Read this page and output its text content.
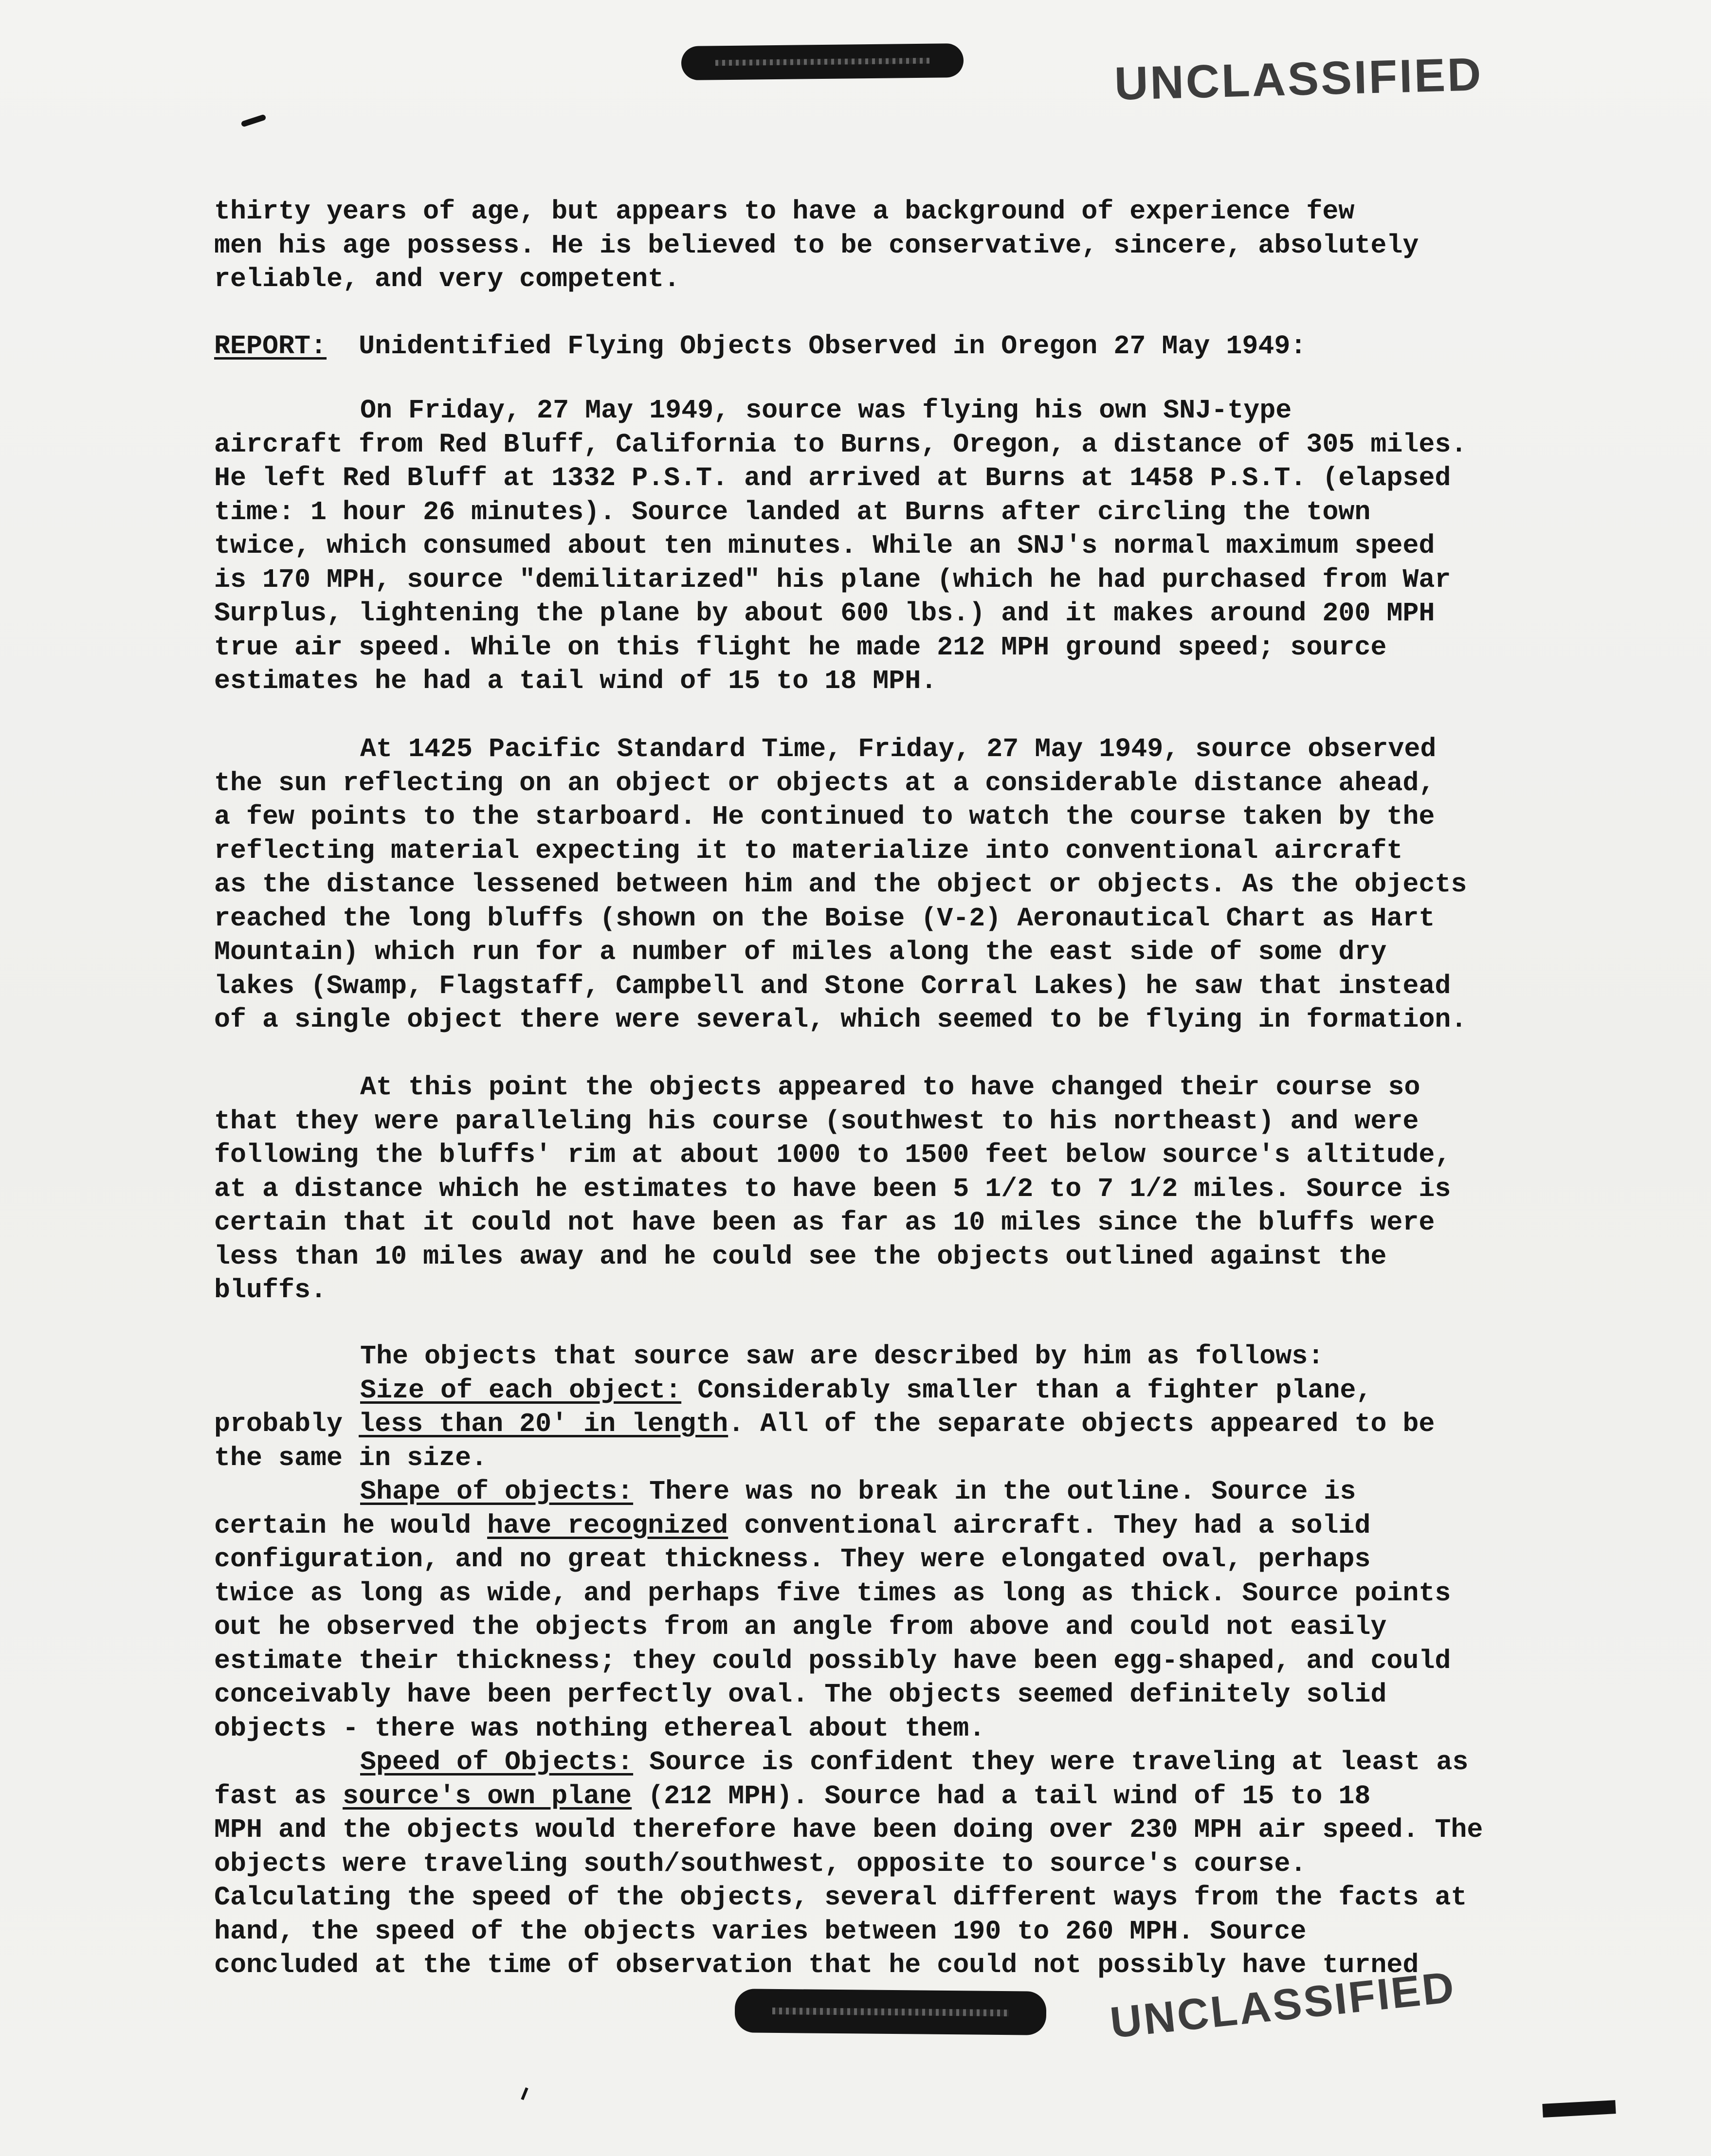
UNCLASSIFIED
thirty years of age, but appears to have a background of experience few
men his age possess. He is believed to be conservative, sincere, absolutely
reliable, and very competent.
REPORT: Unidentified Flying Objects Observed in Oregon 27 May 1949:
On Friday, 27 May 1949, source was flying his own SNJ-type
aircraft from Red Bluff, California to Burns, Oregon, a distance of 305 miles.
He left Red Bluff at 1332 P.S.T. and arrived at Burns at 1458 P.S.T. (elapsed
time: 1 hour 26 minutes). Source landed at Burns after circling the town
twice, which consumed about ten minutes. While an SNJ's normal maximum speed
is 170 MPH, source "demilitarized" his plane (which he had purchased from War
Surplus, lightening the plane by about 600 lbs.) and it makes around 200 MPH
true air speed. While on this flight he made 212 MPH ground speed; source
estimates he had a tail wind of 15 to 18 MPH.
At 1425 Pacific Standard Time, Friday, 27 May 1949, source observed
the sun reflecting on an object or objects at a considerable distance ahead,
a few points to the starboard. He continued to watch the course taken by the
reflecting material expecting it to materialize into conventional aircraft
as the distance lessened between him and the object or objects. As the objects
reached the long bluffs (shown on the Boise (V-2) Aeronautical Chart as Hart
Mountain) which run for a number of miles along the east side of some dry
lakes (Swamp, Flagstaff, Campbell and Stone Corral Lakes) he saw that instead
of a single object there were several, which seemed to be flying in formation.
At this point the objects appeared to have changed their course so
that they were paralleling his course (southwest to his northeast) and were
following the bluffs' rim at about 1000 to 1500 feet below source's altitude,
at a distance which he estimates to have been 5 1/2 to 7 1/2 miles. Source is
certain that it could not have been as far as 10 miles since the bluffs were
less than 10 miles away and he could see the objects outlined against the
bluffs.
The objects that source saw are described by him as follows:
Size of each object: Considerably smaller than a fighter plane,
probably less than 20' in length. All of the separate objects appeared to be
the same in size.
Shape of objects: There was no break in the outline. Source is
certain he would have recognized conventional aircraft. They had a solid
configuration, and no great thickness. They were elongated oval, perhaps
twice as long as wide, and perhaps five times as long as thick. Source points
out he observed the objects from an angle from above and could not easily
estimate their thickness; they could possibly have been egg-shaped, and could
conceivably have been perfectly oval. The objects seemed definitely solid
objects - there was nothing ethereal about them.
Speed of Objects: Source is confident they were traveling at least as
fast as source's own plane (212 MPH). Source had a tail wind of 15 to 18
MPH and the objects would therefore have been doing over 230 MPH air speed. The
objects were traveling south/southwest, opposite to source's course.
Calculating the speed of the objects, several different ways from the facts at
hand, the speed of the objects varies between 190 to 260 MPH. Source
concluded at the time of observation that he could not possibly have turned
UNCLASSIFIED
